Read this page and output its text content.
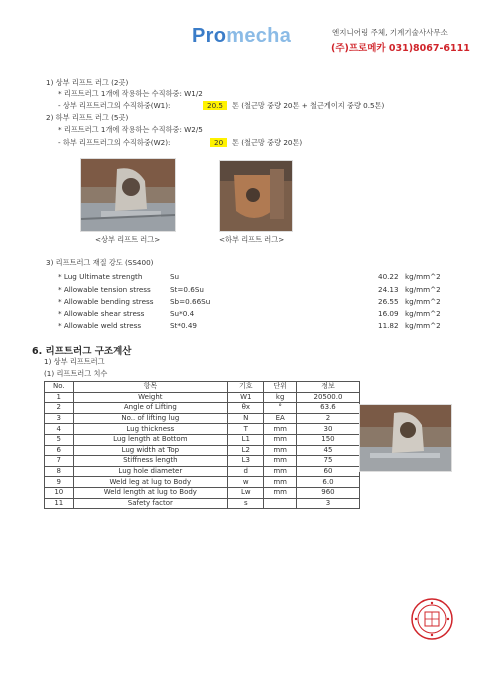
Promecha	엔지니어링 주체, 기계기술사사무소
(주)프로메카 031)8067-6111
1) 상부 리프트 러그 (2곳)
* 리프트러그 1개에 작용하는 수직하중: W1/2
- 상부 리프트러그의 수직하중(W1):	20.5	톤 (철근망 중량 20톤 + 철근게이지 중량 0.5톤)
2) 하부 리프트 러그 (5곳)
* 리프트러그 1개에 작용하는 수직하중: W2/5
- 하부 리프트러그의 수직하중(W2):	20	톤 (철근망 중량 20톤)
<상부 리프트 러그>	<하부 리프트 러그>
3) 리프트러그 재질 강도 (SS400)
* Lug Ultimate strength	Su	40.22 kg/mm^2
* Allowable tension stress	St=0.6Su	24.13 kg/mm^2
* Allowable bending stress Sb=0.66Su	26.55 kg/mm^2
* Allowable shear stress	Su*0.4	16.09 kg/mm^2
* Allowable weld stress	St*0.49	11.82 kg/mm^2
6. 리프트러그 구조계산
1) 상부 리프트러그
(1) 리프트러그 치수
No.	항목	기호	단위	정보
1	Weight	W1	kg	20500.0
2	Angle of Lifting	θx	°	63.6
3	No.. of lifting lug	N	EA	2
4	Lug thickness	T	mm	30
5	Lug length at Bottom	L1	mm	150
6	Lug width at Top	L2	mm	45
7	Stiffness length	L3	mm	75
8	Lug hole diameter	d	mm	60
9	Weld leg at lug to Body	w	mm	6.0
10	Weld length at lug to Body	Lw	mm	960
11	Safety factor	s		3
